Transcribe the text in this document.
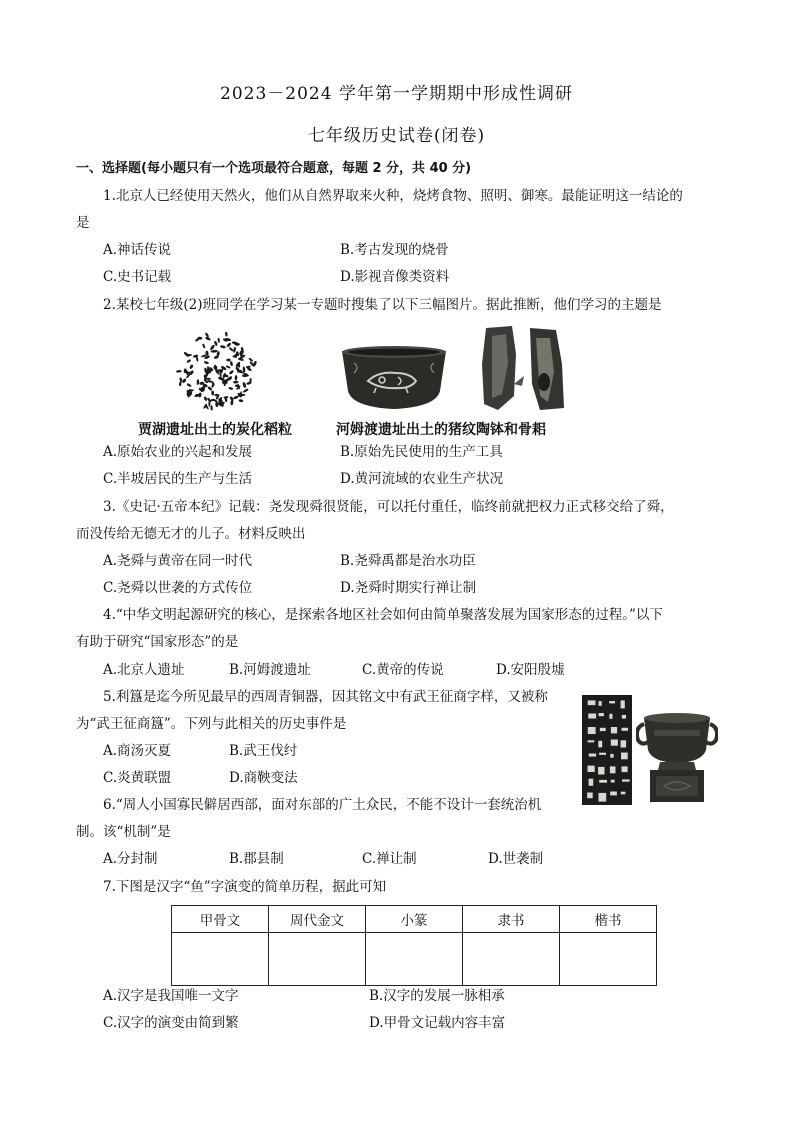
2023－2024 学年第一学期期中形成性调研
七年级历史试卷(闭卷)
一、选择题(每小题只有一个选项最符合题意，每题 2 分，共 40 分)
1.北京人已经使用天然火，他们从自然界取来火种，烧烤食物、照明、御寒。最能证明这一结论的
是
A.神话传说	B.考古发现的烧骨
C.史书记载	D.影视音像类资料
2.某校七年级(2)班同学在学习某一专题时搜集了以下三幅图片。据此推断，他们学习的主题是
贾湖遗址出土的炭化稻粒	河姆渡遗址出土的猪纹陶钵和骨耜
A.原始农业的兴起和发展	B.原始先民使用的生产工具
C.半坡居民的生产与生活	D.黄河流域的农业生产状况
3.《史记·五帝本纪》记载：尧发现舜很贤能，可以托付重任，临终前就把权力正式移交给了舜，
而没传给无德无才的儿子。材料反映出
A.尧舜与黄帝在同一时代	B.尧舜禹都是治水功臣
C.尧舜以世袭的方式传位	D.尧舜时期实行禅让制
4.“中华文明起源研究的核心，是探索各地区社会如何由简单聚落发展为国家形态的过程。”以下
有助于研究“国家形态”的是
A.北京人遗址	B.河姆渡遗址	C.黄帝的传说	D.安阳殷墟
5.利簋是迄今所见最早的西周青铜器，因其铭文中有武王征商字样，又被称
为“武王征商簋”。下列与此相关的历史事件是
A.商汤灭夏	B.武王伐纣
C.炎黄联盟	D.商鞅变法
6.“周人小国寡民僻居西部，面对东部的广土众民，不能不设计一套统治机
制。该“机制”是
A.分封制	B.郡县制	C.禅让制	D.世袭制
7.下图是汉字“鱼”字演变的简单历程，据此可知
甲骨文	周代金文	小篆	隶书	楷书

A.汉字是我国唯一文字	B.汉字的发展一脉相承
C.汉字的演变由简到繁	D.甲骨文记载内容丰富
